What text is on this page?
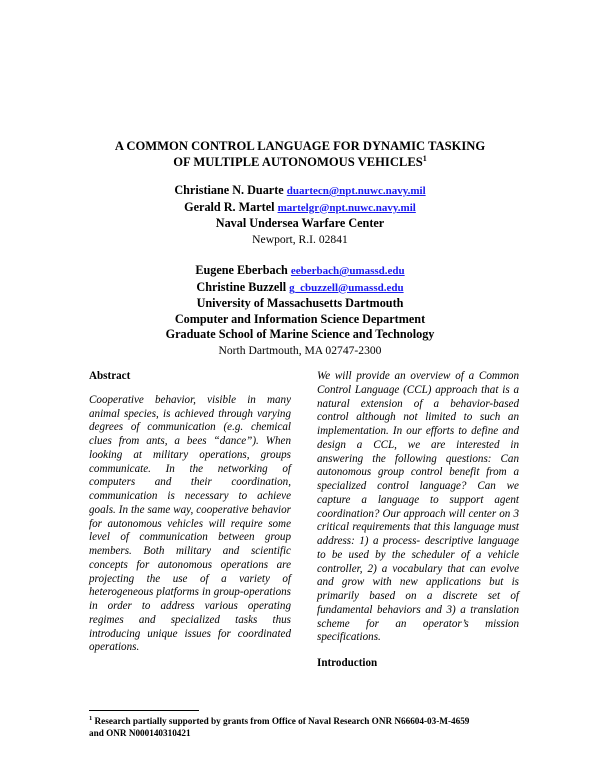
A COMMON CONTROL LANGUAGE FOR DYNAMIC TASKING
OF MULTIPLE AUTONOMOUS VEHICLES$^1$
Christiane N. Duarte duartecn@npt.nuwc.navy.mil
Gerald R. Martel martelgr@npt.nuwc.navy.mil
Naval Undersea Warfare Center
Newport, R.I. 02841
Eugene Eberbach eeberbach@umassd.edu
Christine Buzzell g_cbuzzell@umassd.edu
University of Massachusetts Dartmouth
Computer and Information Science Department
Graduate School of Marine Science and Technology
North Dartmouth, MA 02747-2300

Abstract

Cooperative behavior, visible in many animal species, is achieved through varying degrees of communication (e.g. chemical clues from ants, a bees “dance”). When looking at military operations, groups communicate. In the networking of computers and their coordination, communication is necessary to achieve goals. In the same way, cooperative behavior for autonomous vehicles will require some level of communication between group members. Both military and scientific concepts for autonomous operations are projecting the use of a variety of heterogeneous platforms in group-operations in order to address various operating regimes and specialized tasks thus introducing unique issues for coordinated operations.

We will provide an overview of a Common Control Language (CCL) approach that is a natural extension of a behavior-based control although not limited to such an implementation. In our efforts to define and design a CCL, we are interested in answering the following questions: Can autonomous group control benefit from a specialized control language? Can we capture a language to support agent coordination? Our approach will center on 3 critical requirements that this language must address: 1) a process- descriptive language to be used by the scheduler of a vehicle controller, 2) a vocabulary that can evolve and grow with new applications but is primarily based on a discrete set of fundamental behaviors and 3) a translation scheme for an operator’s mission specifications.

Introduction

$^1$ Research partially supported by grants from Office of Naval Research ONR N66604-03-M-4659
and ONR N000140310421
